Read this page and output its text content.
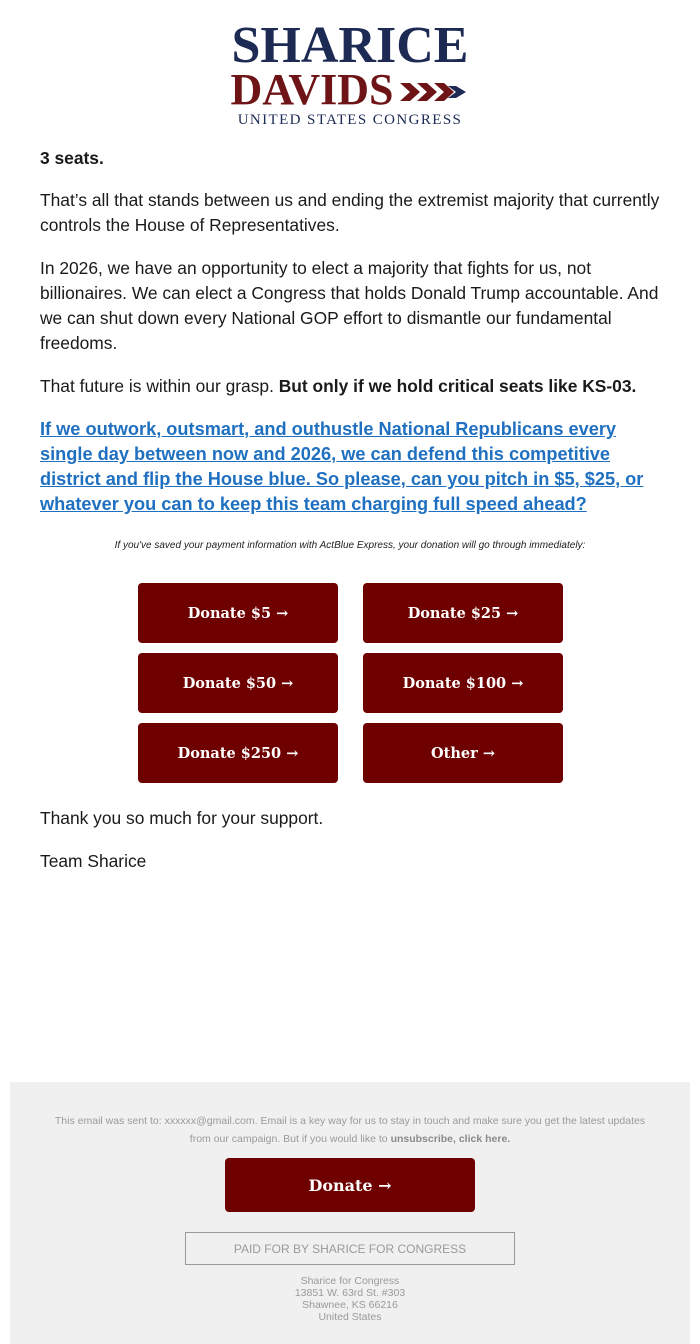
SHARICE
DAVIDS
UNITED STATES CONGRESS

3 seats.

That’s all that stands between us and ending the extremist majority that currently controls the House of Representatives.

In 2026, we have an opportunity to elect a majority that fights for us, not billionaires. We can elect a Congress that holds Donald Trump accountable. And we can shut down every National GOP effort to dismantle our fundamental freedoms.

That future is within our grasp. But only if we hold critical seats like KS-03.

If we outwork, outsmart, and outhustle National Republicans every single day between now and 2026, we can defend this competitive district and flip the House blue. So please, can you pitch in $5, $25, or whatever you can to keep this team charging full speed ahead?
If you've saved your payment information with ActBlue Express, your donation will go through immediately:
Donate $5 →	Donate $25 →
Donate $50 →	Donate $100 →
Donate $250 →	Other →

Thank you so much for your support.

Team Sharice

This email was sent to: xxxxxx@gmail.com. Email is a key way for us to stay in touch and make sure you get the latest updates from our campaign. But if you would like to unsubscribe, click here.
Donate →
PAID FOR BY SHARICE FOR CONGRESS
Sharice for Congress
13851 W. 63rd St. #303
Shawnee, KS 66216
United States
